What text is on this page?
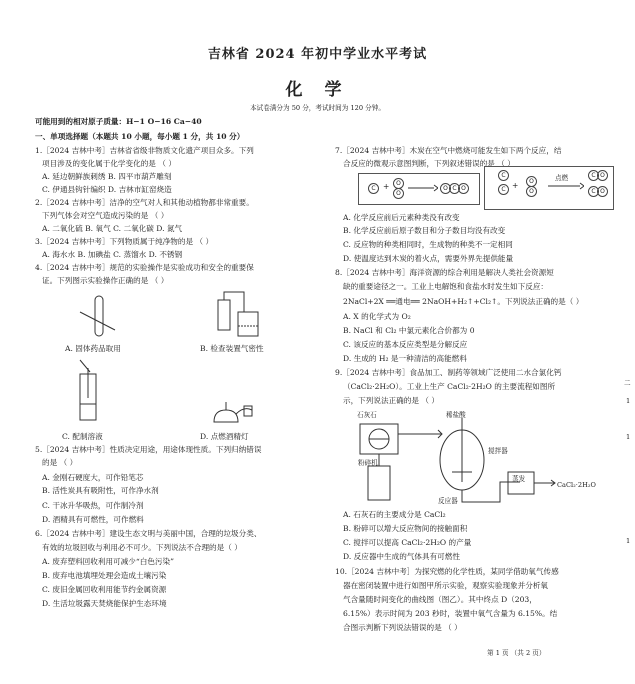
吉林省 2024 年初中学业水平考试
化 学
本试卷满分为 50 分，考试时间为 120 分钟。
可能用到的相对原子质量：H−1 O−16 Ca−40
一、单项选择题（本题共 10 小题，每小题 1 分，共 10 分）
1.［2024 吉林中考］吉林省省级非物质文化遗产项目众多。下列
项目涉及的变化属于化学变化的是 （ ）
A. 延边朝鲜族刺绣 B. 四平市葫芦雕刻
C. 伊通县钩针编织 D. 吉林市缸窑烧造
2.［2024 吉林中考］洁净的空气对人和其他动植物都非常重要。
下列气体会对空气造成污染的是 （ ）
A. 二氧化硫 B. 氧气 C. 二氧化碳 D. 氮气
3.［2024 吉林中考］下列物质属于纯净物的是 （ ）
A. 海水水 B. 加碘盐 C. 蒸馏水 D. 不锈钢
4.［2024 吉林中考］规范的实验操作是实验成功和安全的重要保
证。下列图示实验操作正确的是 （ ）
A. 固体药品取用	B. 检查装置气密性
C. 配制溶液	D. 点燃酒精灯
5.［2024 吉林中考］性质决定用途，用途体现性质。下列归纳错误
的是 （ ）
A. 金刚石硬度大，可作铅笔芯
B. 活性炭具有吸附性，可作净水剂
C. 干冰升华吸热，可作制冷剂
D. 酒精具有可燃性，可作燃料
6.［2024 吉林中考］建设生态文明与美丽中国，合理的垃圾分类、
有效的垃圾回收与利用必不可少。下列说法不合理的是（ ）
A. 废弃塑料回收利用可减少“白色污染”
B. 废弃电池填埋处理会造成土壤污染
C. 废旧金属回收利用能节约金属资源
D. 生活垃圾露天焚烧能保护生态环境
7.［2024 吉林中考］木炭在空气中燃烧可能发生如下两个反应，结
合反应的微观示意图判断，下列叙述错误的是 （ ）
C +	O
O
O C O
C
C +	O
O
点燃	C O
C O
A. 化学反应前后元素种类没有改变
B. 化学反应前后原子数目和分子数目均没有改变
C. 反应物的种类相同时，生成物的种类不一定相同
D. 使温度达到木炭的着火点，需要外界先提供能量
8.［2024 吉林中考］海洋资源的综合利用是解决人类社会资源短
缺的重要途径之一。工业上电解饱和食盐水时发生如下反应：
2NaCl+2X ══通电══ 2NaOH+H₂↑+Cl₂↑。下列说法正确的是（ ）
A. X 的化学式为 O₂
B. NaCl 和 Cl₂ 中氯元素化合价都为 0
C. 该反应的基本反应类型是分解反应
D. 生成的 H₂ 是一种清洁的高能燃料
9.［2024 吉林中考］食品加工、制药等领域广泛使用二水合氯化钙
（CaCl₂·2H₂O）。工业上生产 CaCl₂·2H₂O 的主要流程如图所
示，下列说法正确的是 （ ）
石灰石	稀盐酸
粉碎机
搅拌器
反应器
蒸发
CaCl₂·2H₂O
A. 石灰石的主要成分是 CaCl₂
B. 粉碎可以增大反应物间的接触面积
C. 搅拌可以提高 CaCl₂·2H₂O 的产量
D. 反应器中生成的气体具有可燃性
10.［2024 吉林中考］为探究燃的化学性质，某同学借助氧气传感
器在密闭装置中进行如图甲所示实验，观察实验现象并分析氧
气含量随时间变化的曲线图（图乙）。其中终点 D（203，
6.15%）表示时间为 203 秒时，装置中氧气含量为 6.15%。结
合图示判断下列说法错误的是 （ ）
第 1 页 （共 2 页）
二
1
1
1
